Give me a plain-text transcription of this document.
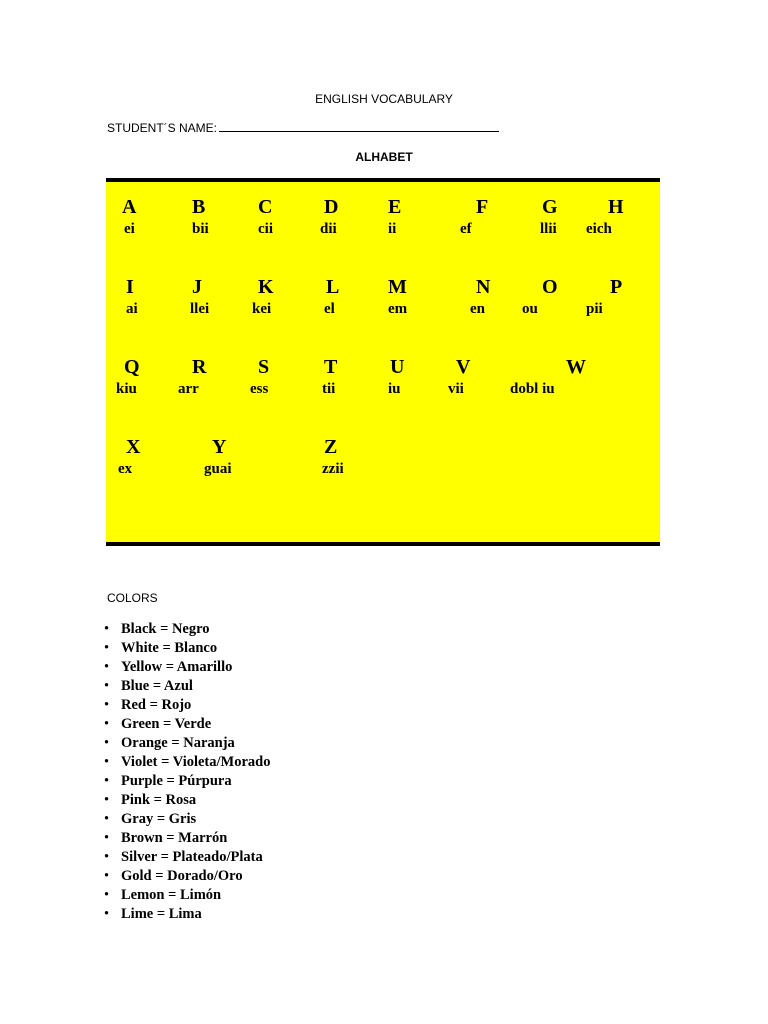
ENGLISH VOCABULARY
STUDENT´S NAME:
ALHABET
A
ei
B
bii
C
cii
D
dii
E
ii
F
ef
G
llii
H
eich
I
ai
J
llei
K
kei
L
el
M
em
N
en
O
ou
P
pii
Q
kiu
R
arr
S
ess
T
tii
U
iu
V
vii
W
dobl iu
X
ex
Y
guai
Z
zzii
COLORS
• Black = Negro
• White = Blanco
• Yellow = Amarillo
• Blue = Azul
• Red = Rojo
• Green = Verde
• Orange = Naranja
• Violet = Violeta/Morado
• Purple = Púrpura
• Pink = Rosa
• Gray = Gris
• Brown = Marrón
• Silver = Plateado/Plata
• Gold = Dorado/Oro
• Lemon = Limón
• Lime = Lima
